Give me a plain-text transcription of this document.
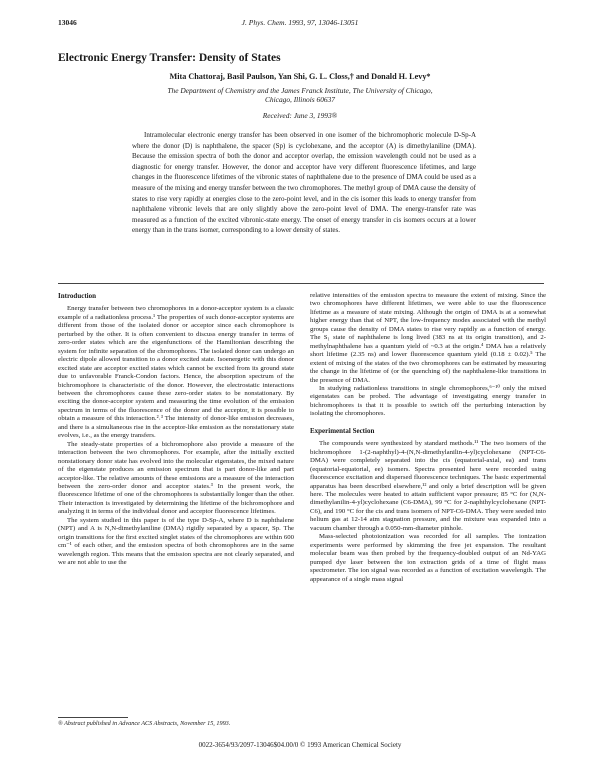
13046	J. Phys. Chem. 1993, 97, 13046-13051
Electronic Energy Transfer: Density of States
Mita Chattoraj, Basil Paulson, Yan Shi, G. L. Closs,† and Donald H. Levy*
The Department of Chemistry and the James Franck Institute, The University of Chicago,
Chicago, Illinois 60637
Received: June 3, 1993®
Intramolecular electronic energy transfer has been observed in one isomer of the bichromophoric molecule D-Sp-A where the donor (D) is naphthalene, the spacer (Sp) is cyclohexane, and the acceptor (A) is dimethylaniline (DMA). Because the emission spectra of both the donor and acceptor overlap, the emission wavelength could not be used as a diagnostic for energy transfer. However, the donor and acceptor have very different fluorescence lifetimes, and large changes in the fluorescence lifetimes of the vibronic states of naphthalene due to the presence of DMA could be used as a measure of the mixing and energy transfer between the two chromophores. The methyl group of DMA cause the density of states to rise very rapidly at energies close to the zero-point level, and in the cis isomer this leads to energy transfer from naphthalene vibronic levels that are only slightly above the zero-point level of DMA. The energy-transfer rate was measured as a function of the excited vibronic-state energy. The onset of energy transfer in cis isomers occurs at a lower energy than in the trans isomer, corresponding to a lower density of states.
Introduction

Energy transfer between two chromophores in a donor-acceptor system is a classic example of a radiationless process.¹ The properties of such donor-acceptor systems are different from those of the isolated donor or acceptor since each chromophore is perturbed by the other. It is often convenient to discuss energy transfer in terms of zero-order states which are the eigenfunctions of the Hamiltonian describing the system for infinite separation of the chromophores. The isolated donor can undergo an electric dipole allowed transition to a donor excited state. Isoenergetic with this donor excited state are acceptor excited states which cannot be excited from its ground state due to unfavorable Franck-Condon factors. Hence, the absorption spectrum of the bichromophore is characteristic of the donor. However, the electrostatic interactions between the chromophores cause these zero-order states to be nonstationary. By exciting the donor-acceptor system and measuring the time evolution of the emission spectrum in terms of the fluorescence of the donor and the acceptor, it is possible to obtain a measure of this interaction.²˒³ The intensity of donor-like emission decreases, and there is a simultaneous rise in the acceptor-like emission as the nonstationary state evolves, i.e., as the energy transfers.

The steady-state properties of a bichromophore also provide a measure of the interaction between the two chromophores. For example, after the initially excited nonstationary donor state has evolved into the molecular eigenstates, the mixed nature of the eigenstate produces an emission spectrum that is part donor-like and part acceptor-like. The relative amounts of these emissions are a measure of the interaction between the zero-order donor and acceptor states.³ In the present work, the fluorescence lifetime of one of the chromophores is substantially longer than the other. Their interaction is investigated by determining the lifetime of the bichromophore and analyzing it in terms of the individual donor and acceptor fluorescence lifetimes.

The system studied in this paper is of the type D-Sp-A, where D is naphthalene (NPT) and A is N,N-dimethylaniline (DMA) rigidly separated by a spacer, Sp. The origin transitions for the first excited singlet states of the chromophores are within 600 cm⁻¹ of each other, and the emission spectra of both chromophores are in the same wavelength region. This means that the emission spectra are not clearly separated, and we are not able to use the

relative intensities of the emission spectra to measure the extent of mixing. Since the two chromophores have different lifetimes, we were able to use the fluorescence lifetime as a measure of state mixing. Although the origin of DMA is at a somewhat higher energy than that of NPT, the low-frequency modes associated with the methyl groups cause the density of DMA states to rise very rapidly as a function of energy. The S₁ state of naphthalene is long lived (383 ns at its origin transition), and 2-methylnaphthalene has a quantum yield of ~0.3 at the origin.⁴ DMA has a relatively short lifetime (2.35 ns) and lower fluorescence quantum yield (0.18 ± 0.02).⁵ The extent of mixing of the states of the two chromophores can be estimated by measuring the change in the lifetime of (or the quenching of) the naphthalene-like transitions in the presence of DMA.

In studying radiationless transitions in single chromophores,⁶⁻¹⁰ only the mixed eigenstates can be probed. The advantage of investigating energy transfer in bichromophores is that it is possible to switch off the perturbing interaction by isolating the chromophores.

Experimental Section

The compounds were synthesized by standard methods.¹¹ The two isomers of the bichromophore 1-(2-naphthyl)-4-(N,N-dimethylanilin-4-yl)cyclohexane (NPT-C6-DMA) were completely separated into the cis (equatorial-axial, ea) and trans (equatorial-equatorial, ee) isomers. Spectra presented here were recorded using fluorescence excitation and dispersed fluorescence techniques. The basic experimental apparatus has been described elsewhere,¹² and only a brief description will be given here. The molecules were heated to attain sufficient vapor pressure; 85 °C for (N,N-dimethylanilin-4-yl)cyclohexane (C6-DMA), 99 °C for 2-naphthylcyclohexane (NPT-C6), and 190 °C for the cis and trans isomers of NPT-C6-DMA. They were seeded into helium gas at 12-14 atm stagnation pressure, and the mixture was expanded into a vacuum chamber through a 0.050-mm-diameter pinhole.

Mass-selected photoionization was recorded for all samples. The ionization experiments were performed by skimming the free jet expansion. The resultant molecular beam was then probed by the frequency-doubled output of an Nd-YAG pumped dye laser between the ion extraction grids of a time of flight mass spectrometer. The ion signal was recorded as a function of excitation wavelength. The appearance of a single mass signal

® Abstract published in Advance ACS Abstracts, November 15, 1993.
0022-3654/93/2097-13046$04.00/0 © 1993 American Chemical Society
